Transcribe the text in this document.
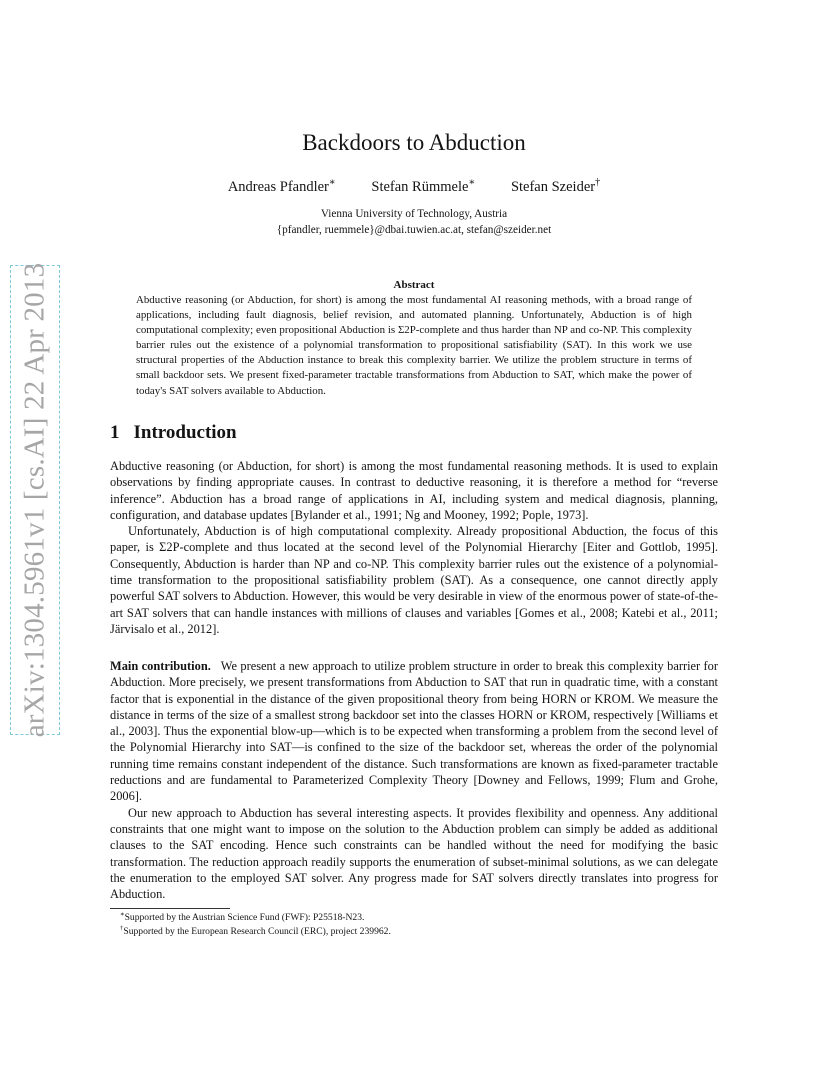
arXiv:1304.5961v1 [cs.AI] 22 Apr 2013
Backdoors to Abduction
Andreas Pfandler∗ Stefan Rümmele∗ Stefan Szeider†
Vienna University of Technology, Austria
{pfandler, ruemmele}@dbai.tuwien.ac.at, stefan@szeider.net
Abstract
Abductive reasoning (or Abduction, for short) is among the most fundamental AI reasoning methods, with a broad range of applications, including fault diagnosis, belief revision, and automated planning. Unfortunately, Abduction is of high computational complexity; even propositional Abduction is Σ2P-complete and thus harder than NP and co-NP. This complexity barrier rules out the existence of a polynomial transformation to propositional satisfiability (SAT). In this work we use structural properties of the Abduction instance to break this complexity barrier. We utilize the problem structure in terms of small backdoor sets. We present fixed-parameter tractable transformations from Abduction to SAT, which make the power of today's SAT solvers available to Abduction.
1 Introduction

Abductive reasoning (or Abduction, for short) is among the most fundamental reasoning methods. It is used to explain observations by finding appropriate causes. In contrast to deductive reasoning, it is therefore a method for “reverse inference”. Abduction has a broad range of applications in AI, including system and medical diagnosis, planning, configuration, and database updates [Bylander et al., 1991; Ng and Mooney, 1992; Pople, 1973].

Unfortunately, Abduction is of high computational complexity. Already propositional Abduction, the focus of this paper, is Σ2P-complete and thus located at the second level of the Polynomial Hierarchy [Eiter and Gottlob, 1995]. Consequently, Abduction is harder than NP and co-NP. This complexity barrier rules out the existence of a polynomial-time transformation to the propositional satisfiability problem (SAT). As a consequence, one cannot directly apply powerful SAT solvers to Abduction. However, this would be very desirable in view of the enormous power of state-of-the-art SAT solvers that can handle instances with millions of clauses and variables [Gomes et al., 2008; Katebi et al., 2011; Järvisalo et al., 2012].

Main contribution. We present a new approach to utilize problem structure in order to break this complexity barrier for Abduction. More precisely, we present transformations from Abduction to SAT that run in quadratic time, with a constant factor that is exponential in the distance of the given propositional theory from being HORN or KROM. We measure the distance in terms of the size of a smallest strong backdoor set into the classes HORN or KROM, respectively [Williams et al., 2003]. Thus the exponential blow-up—which is to be expected when transforming a problem from the second level of the Polynomial Hierarchy into SAT—is confined to the size of the backdoor set, whereas the order of the polynomial running time remains constant independent of the distance. Such transformations are known as fixed-parameter tractable reductions and are fundamental to Parameterized Complexity Theory [Downey and Fellows, 1999; Flum and Grohe, 2006].

Our new approach to Abduction has several interesting aspects. It provides flexibility and openness. Any additional constraints that one might want to impose on the solution to the Abduction problem can simply be added as additional clauses to the SAT encoding. Hence such constraints can be handled without the need for modifying the basic transformation. The reduction approach readily supports the enumeration of subset-minimal solutions, as we can delegate the enumeration to the employed SAT solver. Any progress made for SAT solvers directly translates into progress for Abduction.

∗Supported by the Austrian Science Fund (FWF): P25518-N23.
†Supported by the European Research Council (ERC), project 239962.
